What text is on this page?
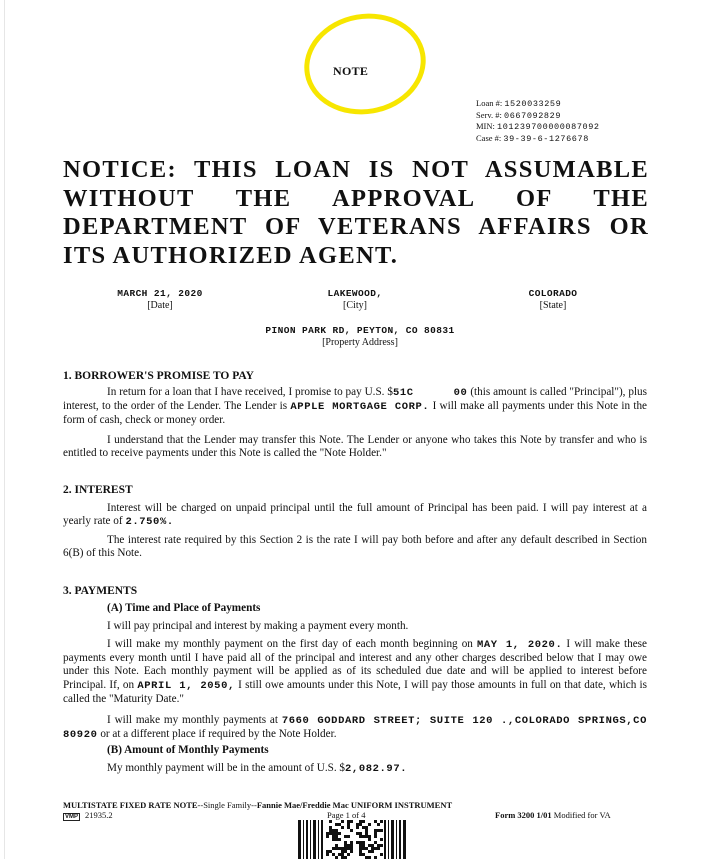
NOTE
Loan #: 1520033259
Serv. #: 0667092829
MIN: 101239700000087092
Case #: 39-39-6-1276678
NOTICE: THIS LOAN IS NOT ASSUMABLE WITHOUT THE APPROVAL OF THE DEPARTMENT OF VETERANS AFFAIRS OR ITS AUTHORIZED AGENT.
MARCH 21, 2020
[Date]
LAKEWOOD,
[City]
COLORADO
[State]
PINON PARK RD, PEYTON, CO 80831
[Property Address]
1. BORROWER'S PROMISE TO PAY
In return for a loan that I have received, I promise to pay U.S. $51C	00 (this amount is called "Principal"), plus interest, to the order of the Lender. The Lender is APPLE MORTGAGE CORP. I will make all payments under this Note in the form of cash, check or money order.
I understand that the Lender may transfer this Note. The Lender or anyone who takes this Note by transfer and who is entitled to receive payments under this Note is called the "Note Holder."
2. INTEREST
Interest will be charged on unpaid principal until the full amount of Principal has been paid. I will pay interest at a yearly rate of 2.750%.
The interest rate required by this Section 2 is the rate I will pay both before and after any default described in Section 6(B) of this Note.
3. PAYMENTS
(A) Time and Place of Payments
I will pay principal and interest by making a payment every month.
I will make my monthly payment on the first day of each month beginning on MAY 1, 2020. I will make these payments every month until I have paid all of the principal and interest and any other charges described below that I may owe under this Note. Each monthly payment will be applied as of its scheduled due date and will be applied to interest before Principal. If, on APRIL 1, 2050, I still owe amounts under this Note, I will pay those amounts in full on that date, which is called the "Maturity Date."
I will make my monthly payments at 7660 GODDARD STREET; SUITE 120 .,COLORADO SPRINGS,CO 80920 or at a different place if required by the Note Holder.
(B) Amount of Monthly Payments
My monthly payment will be in the amount of U.S. $2,082.97.
MULTISTATE FIXED RATE NOTE--Single Family--Fannie Mae/Freddie Mac UNIFORM INSTRUMENT
VMP 21935.2	Page 1 of 4	Form 3200 1/01 Modified for VA
